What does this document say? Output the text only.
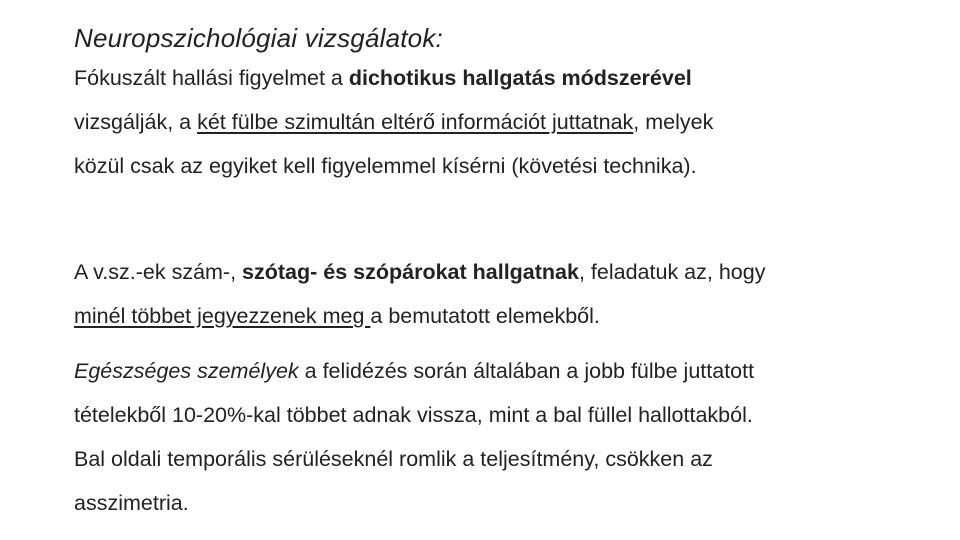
Neuropszichológiai vizsgálatok:

Fókuszált hallási figyelmet a dichotikus hallgatás módszerével
vizsgálják, a két fülbe szimultán eltérő információt juttatnak, melyek
közül csak az egyiket kell figyelemmel kísérni (követési technika).

A v.sz.-ek szám-, szótag- és szópárokat hallgatnak, feladatuk az, hogy
minél többet jegyezzenek meg a bemutatott elemekből.

Egészséges személyek a felidézés során általában a jobb fülbe juttatott
tételekből 10-20%-kal többet adnak vissza, mint a bal füllel hallottakból.
Bal oldali temporális sérüléseknél romlik a teljesítmény, csökken az
asszimetria.
